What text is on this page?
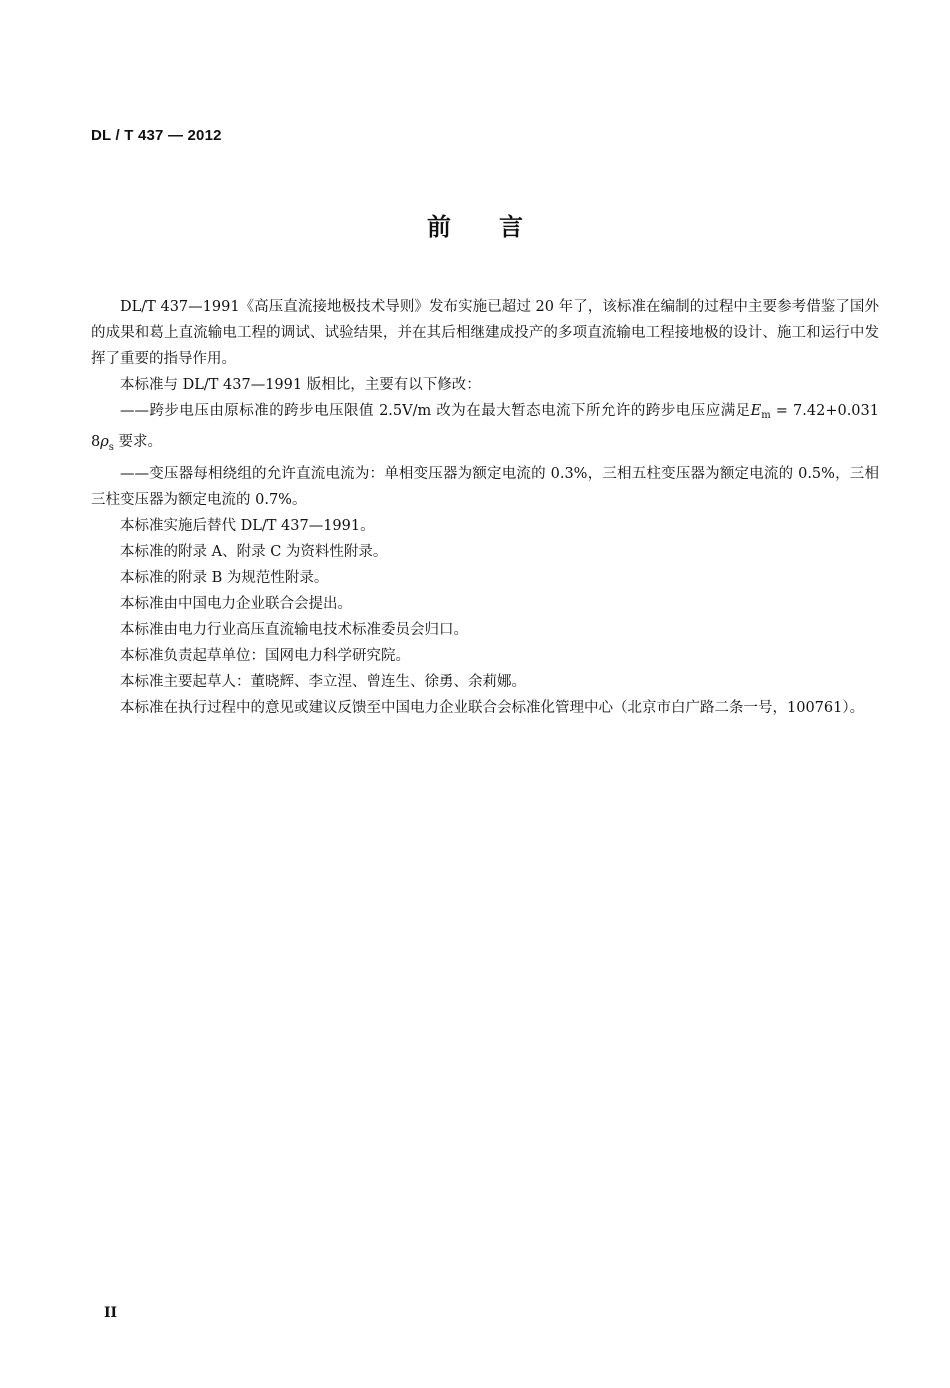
DL / T 437 — 2012
前言

DL/T 437—1991《高压直流接地极技术导则》发布实施已超过 20 年了，该标准在编制的过程中主要参考借鉴了国外的成果和葛上直流输电工程的调试、试验结果，并在其后相继建成投产的多项直流输电工程接地极的设计、施工和运行中发挥了重要的指导作用。

本标准与 DL/T 437—1991 版相比，主要有以下修改：

——跨步电压由原标准的跨步电压限值 2.5V/m 改为在最大暂态电流下所允许的跨步电压应满足$E_m = 7.42+0.031$ $8\rho_s$ 要求。

——变压器每相绕组的允许直流电流为：单相变压器为额定电流的 0.3%，三相五柱变压器为额定电流的 0.5%，三相三柱变压器为额定电流的 0.7%。

本标准实施后替代 DL/T 437—1991。

本标准的附录 A、附录 C 为资料性附录。

本标准的附录 B 为规范性附录。

本标准由中国电力企业联合会提出。

本标准由电力行业高压直流输电技术标准委员会归口。

本标准负责起草单位：国网电力科学研究院。

本标准主要起草人：董晓辉、李立涅、曾连生、徐勇、余莉娜。

本标准在执行过程中的意见或建议反馈至中国电力企业联合会标准化管理中心（北京市白广路二条一号，100761）。

II
